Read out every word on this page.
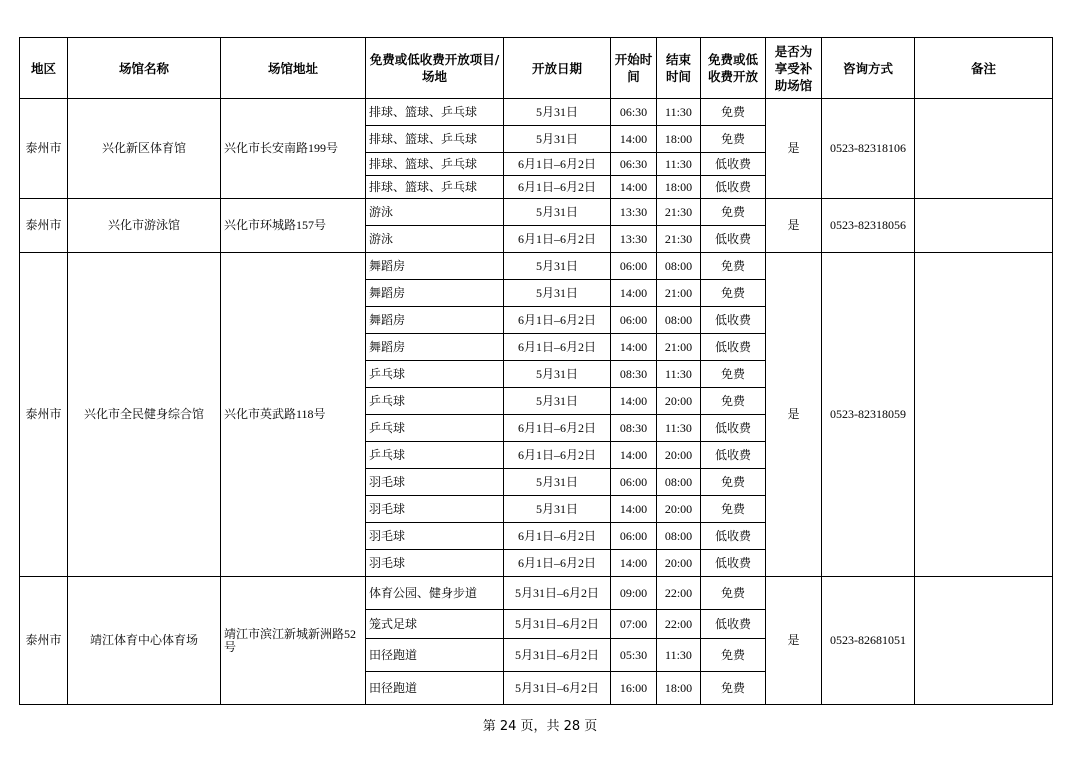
地区	场馆名称	场馆地址	免费或低收费开放项目/场地	开放日期	开始时间	结束时间	免费或低收费开放	是否为享受补助场馆	咨询方式	备注
泰州市	兴化新区体育馆	兴化市长安南路199号	排球、篮球、乒乓球	5月31日	06:30	11:30	免费	是	0523-82318106	
			排球、篮球、乒乓球	5月31日	14:00	18:00	免费			
			排球、篮球、乒乓球	6月1日–6月2日	06:30	11:30	低收费			
			排球、篮球、乒乓球	6月1日–6月2日	14:00	18:00	低收费			
泰州市	兴化市游泳馆	兴化市环城路157号	游泳	5月31日	13:30	21:30	免费	是	0523-82318056	
			游泳	6月1日–6月2日	13:30	21:30	低收费			
泰州市	兴化市全民健身综合馆	兴化市英武路118号	舞蹈房	5月31日	06:00	08:00	免费	是	0523-82318059	
			舞蹈房	5月31日	14:00	21:00	免费			
			舞蹈房	6月1日–6月2日	06:00	08:00	低收费			
			舞蹈房	6月1日–6月2日	14:00	21:00	低收费			
			乒乓球	5月31日	08:30	11:30	免费			
			乒乓球	5月31日	14:00	20:00	免费			
			乒乓球	6月1日–6月2日	08:30	11:30	低收费			
			乒乓球	6月1日–6月2日	14:00	20:00	低收费			
			羽毛球	5月31日	06:00	08:00	免费			
			羽毛球	5月31日	14:00	20:00	免费			
			羽毛球	6月1日–6月2日	06:00	08:00	低收费			
			羽毛球	6月1日–6月2日	14:00	20:00	低收费			
泰州市	靖江体育中心体育场	靖江市滨江新城新洲路52号	体育公园、健身步道	5月31日–6月2日	09:00	22:00	免费	是	0523-82681051	
			笼式足球	5月31日–6月2日	07:00	22:00	低收费			
			田径跑道	5月31日–6月2日	05:30	11:30	免费			
			田径跑道	5月31日–6月2日	16:00	18:00	免费			
第 24 页，共 28 页
